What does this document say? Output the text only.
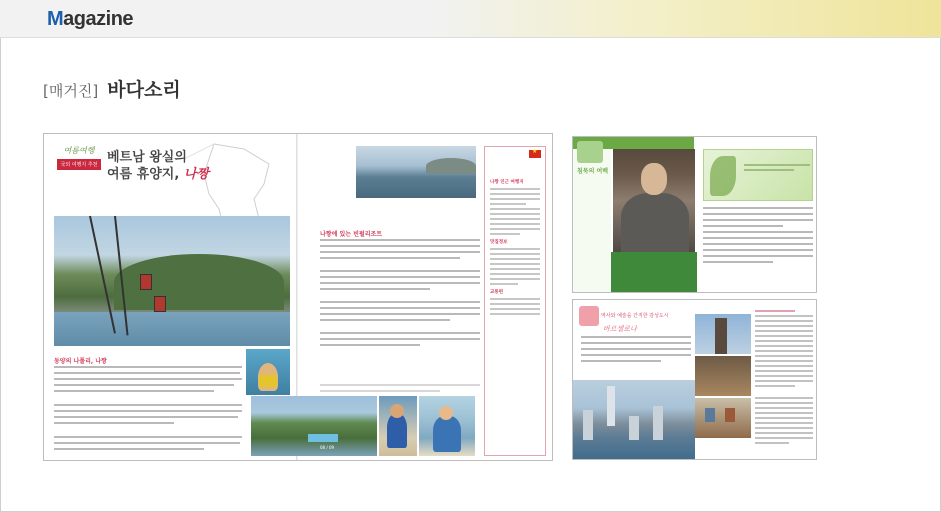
Magazine
[매거진] 바다소리
여름여행
국외 여행지 추천 베트남 왕실의
여름 휴양지, 나짱
동양의 나폴리, 나짱
08 / 09
나짱에 있는 빈펄리조트
★
나짱 인근 여행지
맛집정보
교통편
침묵의 여백
역사와 예술을 간직한 감성도시
바르셀로나
